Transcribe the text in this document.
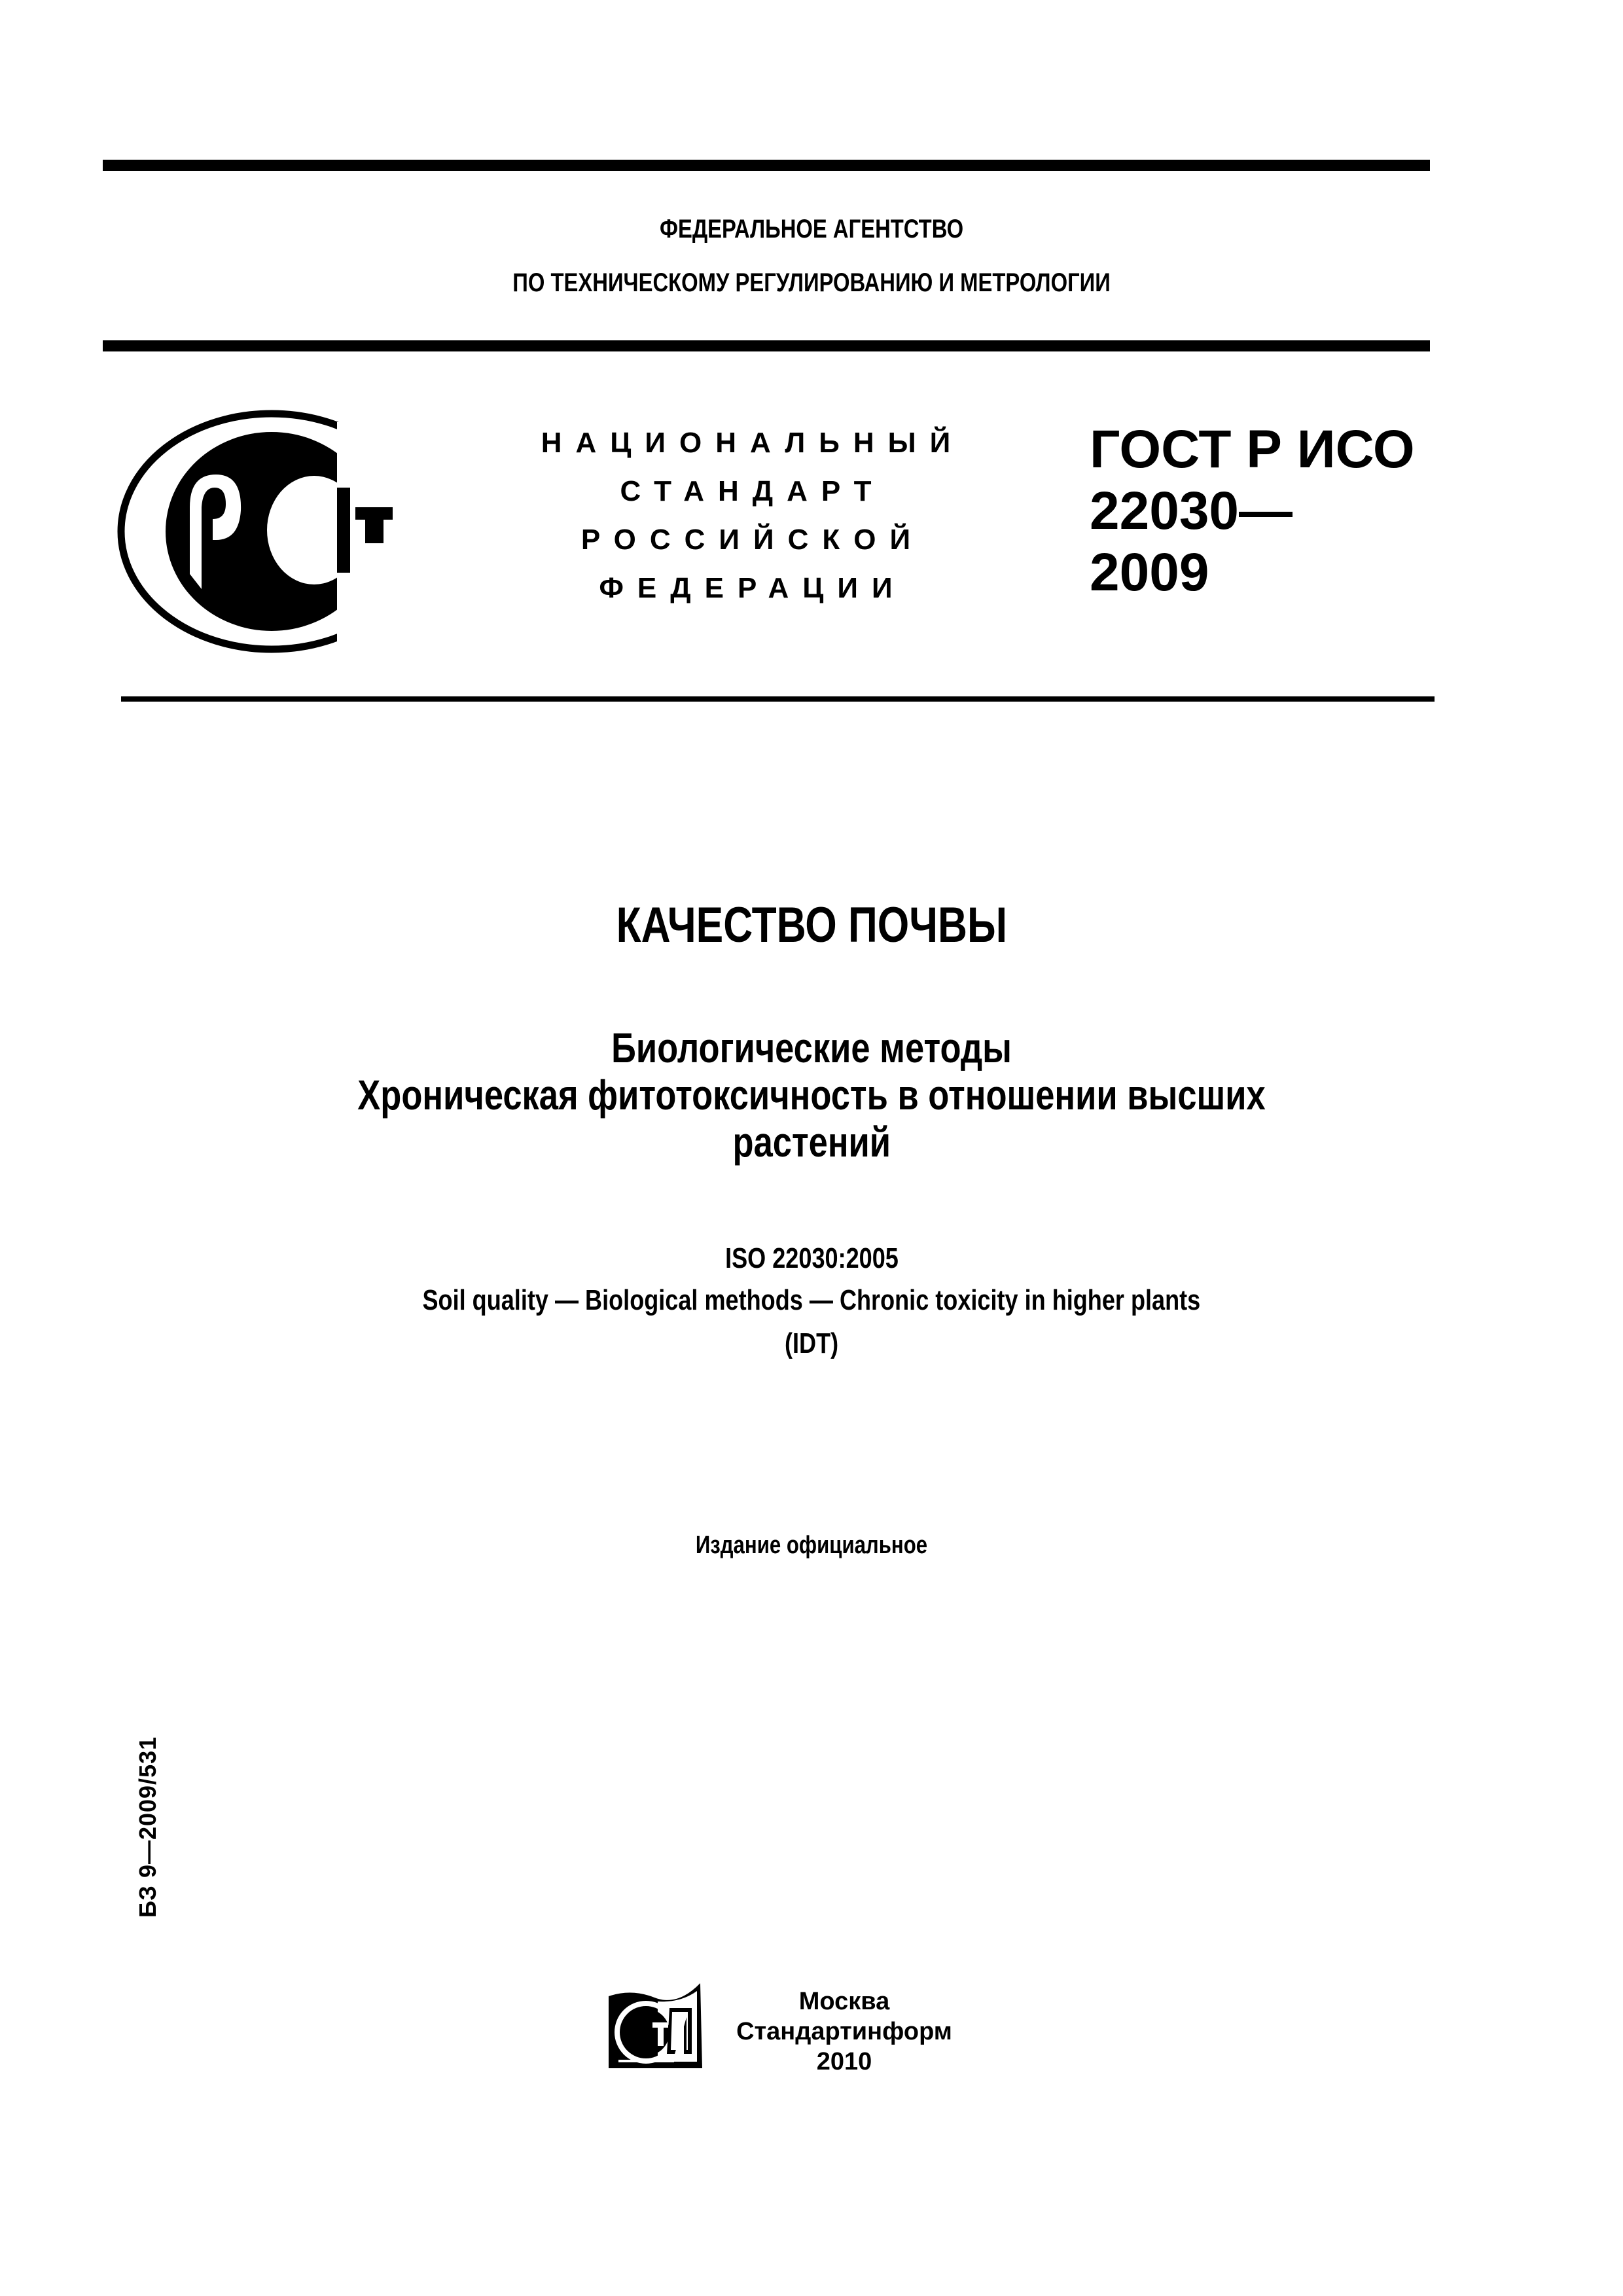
ФЕДЕРАЛЬНОЕ АГЕНТСТВО
ПО ТЕХНИЧЕСКОМУ РЕГУЛИРОВАНИЮ И МЕТРОЛОГИИ
НАЦИОНАЛЬНЫЙ
СТАНДАРТ
РОССИЙСКОЙ
ФЕДЕРАЦИИ
ГОСТ Р ИСО
22030—
2009
КАЧЕСТВО ПОЧВЫ
Биологические методы
Хроническая фитотоксичность в отношении высших
растений
ISO 22030:2005
Soil quality — Biological methods — Chronic toxicity in higher plants
(IDT)
Издание официальное
БЗ 9—2009/531
Москва
Стандартинформ
2010
